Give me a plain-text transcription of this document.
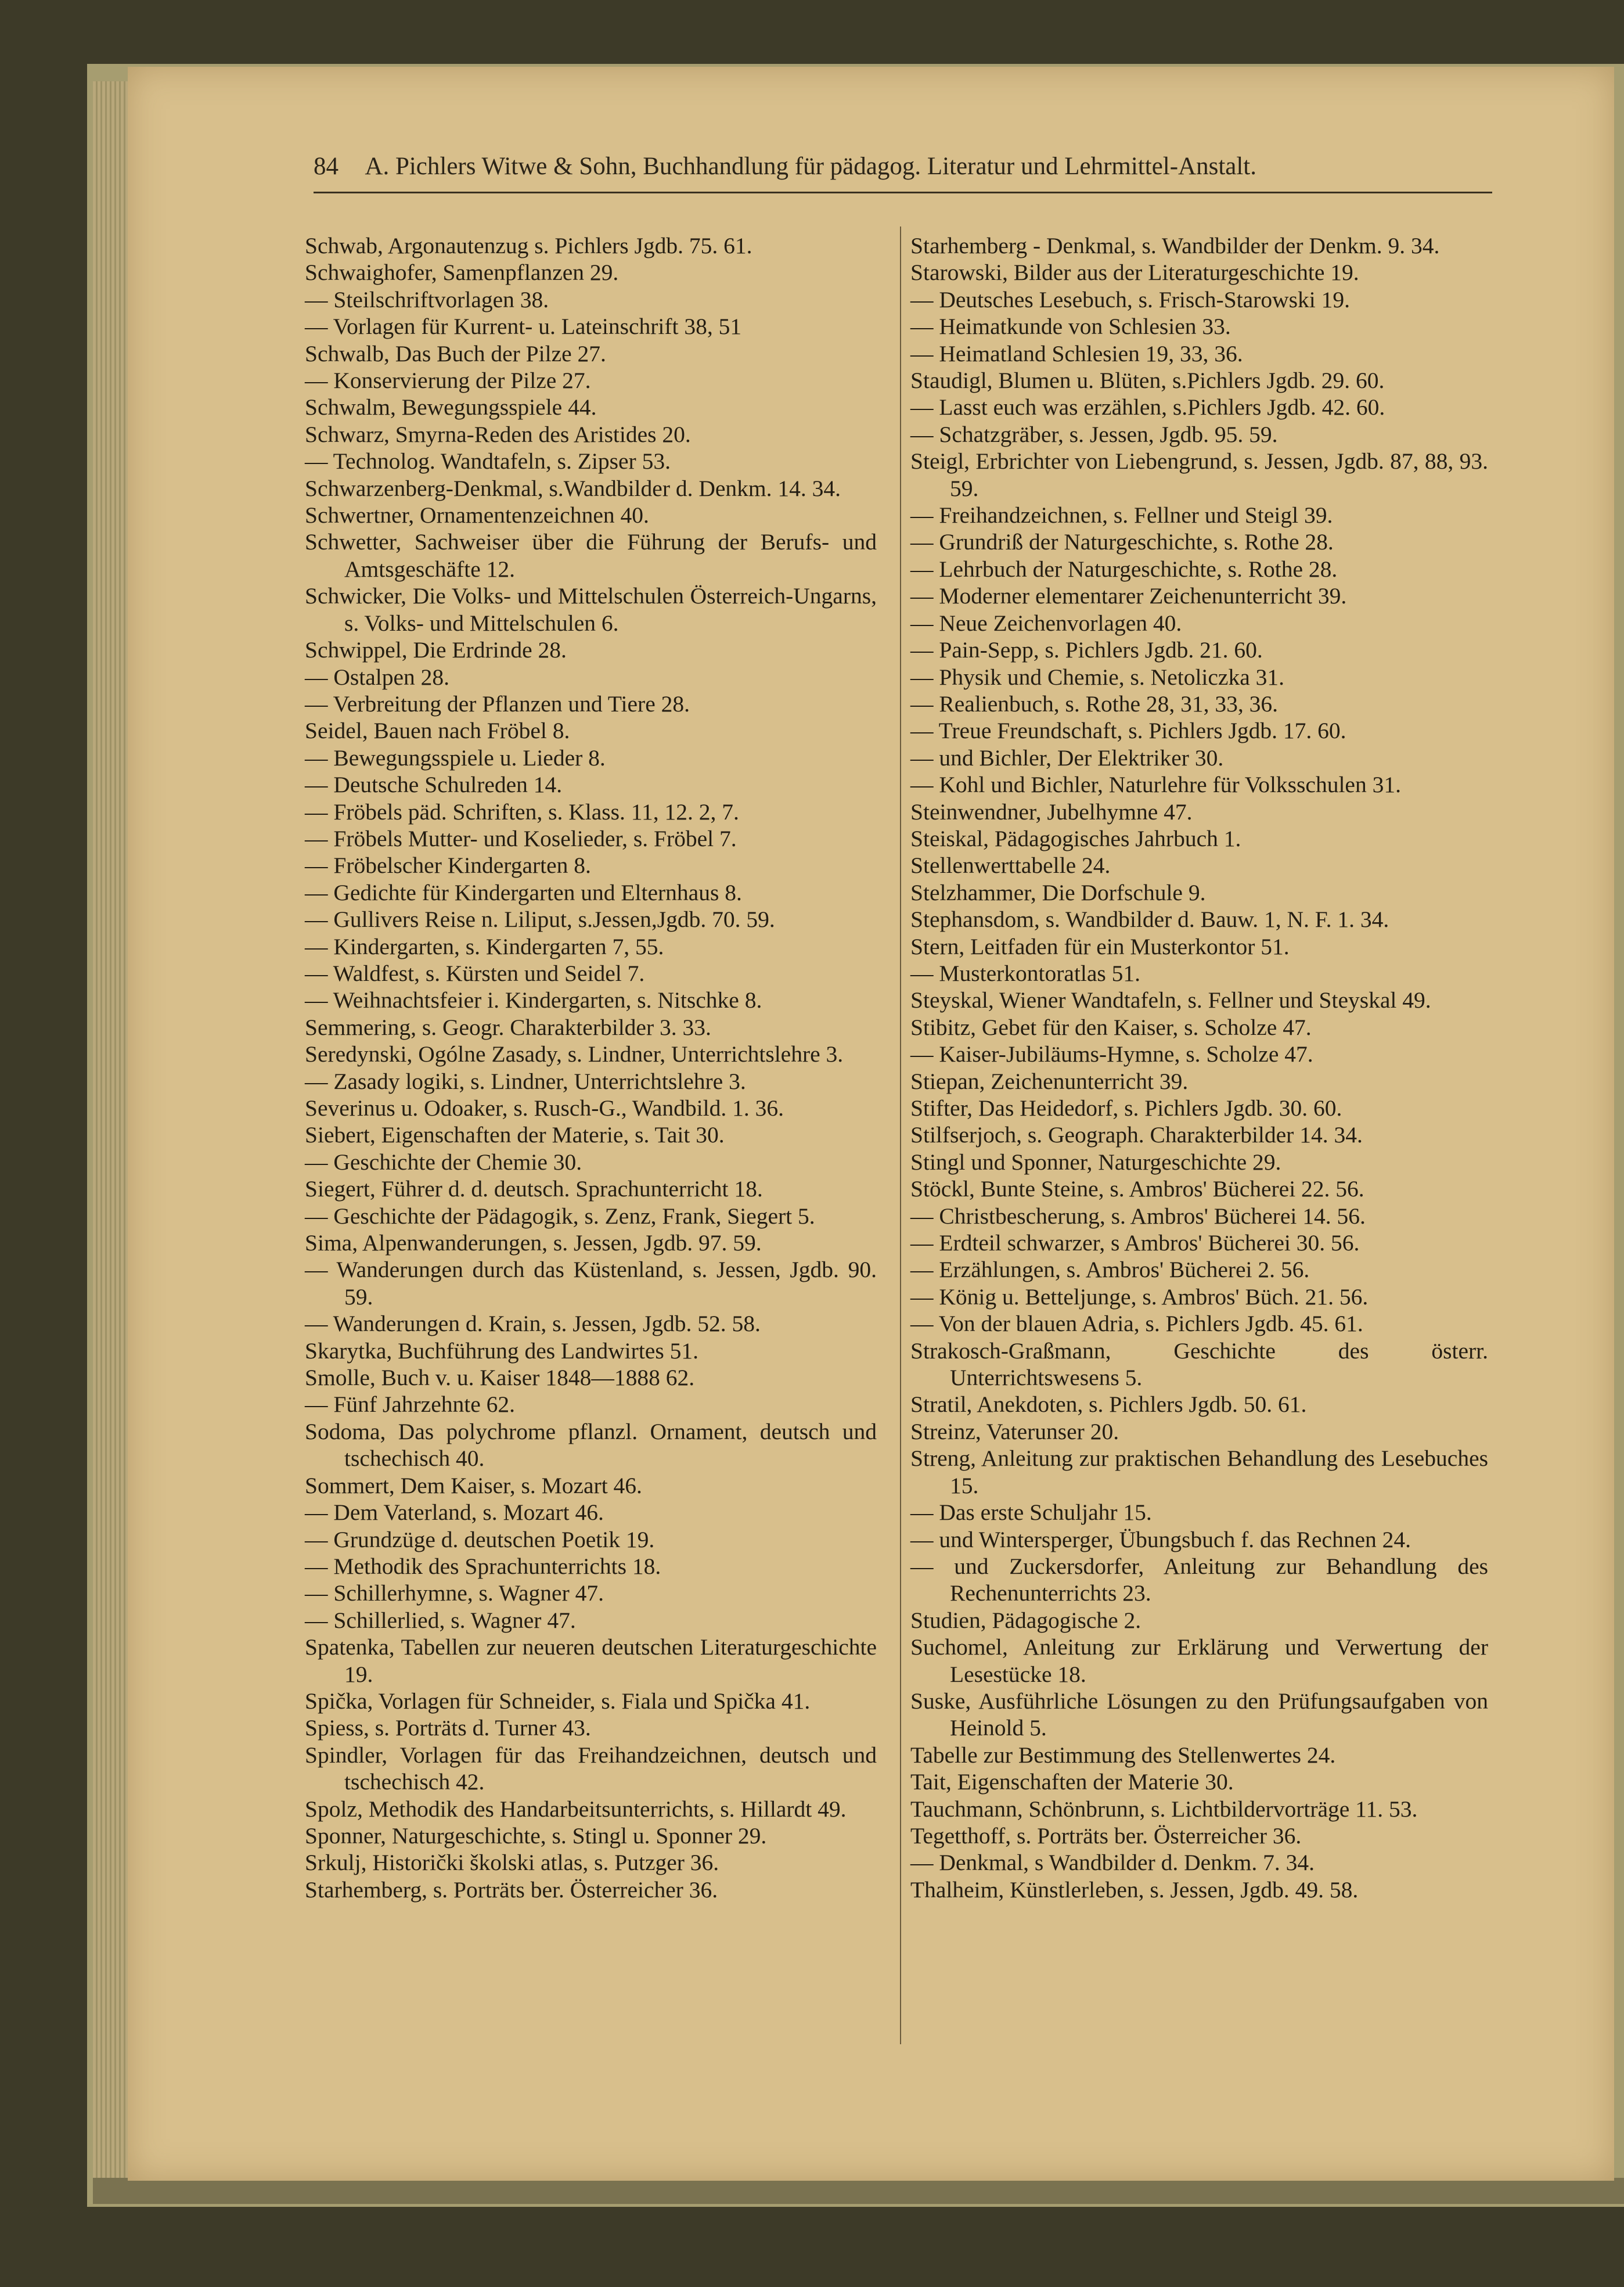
84 A. Pichlers Witwe & Sohn, Buchhandlung für pädagog. Literatur und Lehrmittel-Anstalt.
Schwab, Argonautenzug s. Pichlers Jgdb. 75. 61.
Schwaighofer, Samenpflanzen 29.
— Steilschriftvorlagen 38.
— Vorlagen für Kurrent- u. Lateinschrift 38, 51
Schwalb, Das Buch der Pilze 27.
— Konservierung der Pilze 27.
Schwalm, Bewegungsspiele 44.
Schwarz, Smyrna-Reden des Aristides 20.
— Technolog. Wandtafeln, s. Zipser 53.
Schwarzenberg-Denkmal, s.Wandbilder d. Denkm. 14. 34.
Schwertner, Ornamentenzeichnen 40.
Schwetter, Sachweiser über die Führung der Berufs- und Amtsgeschäfte 12.
Schwicker, Die Volks- und Mittelschulen Österreich-Ungarns, s. Volks- und Mittelschulen 6.
Schwippel, Die Erdrinde 28.
— Ostalpen 28.
— Verbreitung der Pflanzen und Tiere 28.
Seidel, Bauen nach Fröbel 8.
— Bewegungsspiele u. Lieder 8.
— Deutsche Schulreden 14.
— Fröbels päd. Schriften, s. Klass. 11, 12. 2, 7.
— Fröbels Mutter- und Koselieder, s. Fröbel 7.
— Fröbelscher Kindergarten 8.
— Gedichte für Kindergarten und Elternhaus 8.
— Gullivers Reise n. Liliput, s.Jessen,Jgdb. 70. 59.
— Kindergarten, s. Kindergarten 7, 55.
— Waldfest, s. Kürsten und Seidel 7.
— Weihnachtsfeier i. Kindergarten, s. Nitschke 8.
Semmering, s. Geogr. Charakterbilder 3. 33.
Seredynski, Ogólne Zasady, s. Lindner, Unterrichtslehre 3.
— Zasady logiki, s. Lindner, Unterrichtslehre 3.
Severinus u. Odoaker, s. Rusch-G., Wandbild. 1. 36.
Siebert, Eigenschaften der Materie, s. Tait 30.
— Geschichte der Chemie 30.
Siegert, Führer d. d. deutsch. Sprachunterricht 18.
— Geschichte der Pädagogik, s. Zenz, Frank, Siegert 5.
Sima, Alpenwanderungen, s. Jessen, Jgdb. 97. 59.
— Wanderungen durch das Küstenland, s. Jessen, Jgdb. 90. 59.
— Wanderungen d. Krain, s. Jessen, Jgdb. 52. 58.
Skarytka, Buchführung des Landwirtes 51.
Smolle, Buch v. u. Kaiser 1848—1888 62.
— Fünf Jahrzehnte 62.
Sodoma, Das polychrome pflanzl. Ornament, deutsch und tschechisch 40.
Sommert, Dem Kaiser, s. Mozart 46.
— Dem Vaterland, s. Mozart 46.
— Grundzüge d. deutschen Poetik 19.
— Methodik des Sprachunterrichts 18.
— Schillerhymne, s. Wagner 47.
— Schillerlied, s. Wagner 47.
Spatenka, Tabellen zur neueren deutschen Literaturgeschichte 19.
Spička, Vorlagen für Schneider, s. Fiala und Spička 41.
Spiess, s. Porträts d. Turner 43.
Spindler, Vorlagen für das Freihandzeichnen, deutsch und tschechisch 42.
Spolz, Methodik des Handarbeitsunterrichts, s. Hillardt 49.
Sponner, Naturgeschichte, s. Stingl u. Sponner 29.
Srkulj, Historički školski atlas, s. Putzger 36.
Starhemberg, s. Porträts ber. Österreicher 36.
Starhemberg - Denkmal, s. Wandbilder der Denkm. 9. 34.
Starowski, Bilder aus der Literaturgeschichte 19.
— Deutsches Lesebuch, s. Frisch-Starowski 19.
— Heimatkunde von Schlesien 33.
— Heimatland Schlesien 19, 33, 36.
Staudigl, Blumen u. Blüten, s.Pichlers Jgdb. 29. 60.
— Lasst euch was erzählen, s.Pichlers Jgdb. 42. 60.
— Schatzgräber, s. Jessen, Jgdb. 95. 59.
Steigl, Erbrichter von Liebengrund, s. Jessen, Jgdb. 87, 88, 93. 59.
— Freihandzeichnen, s. Fellner und Steigl 39.
— Grundriß der Naturgeschichte, s. Rothe 28.
— Lehrbuch der Naturgeschichte, s. Rothe 28.
— Moderner elementarer Zeichenunterricht 39.
— Neue Zeichenvorlagen 40.
— Pain-Sepp, s. Pichlers Jgdb. 21. 60.
— Physik und Chemie, s. Netoliczka 31.
— Realienbuch, s. Rothe 28, 31, 33, 36.
— Treue Freundschaft, s. Pichlers Jgdb. 17. 60.
— und Bichler, Der Elektriker 30.
— Kohl und Bichler, Naturlehre für Volksschulen 31.
Steinwendner, Jubelhymne 47.
Steiskal, Pädagogisches Jahrbuch 1.
Stellenwerttabelle 24.
Stelzhammer, Die Dorfschule 9.
Stephansdom, s. Wandbilder d. Bauw. 1, N. F. 1. 34.
Stern, Leitfaden für ein Musterkontor 51.
— Musterkontoratlas 51.
Steyskal, Wiener Wandtafeln, s. Fellner und Steyskal 49.
Stibitz, Gebet für den Kaiser, s. Scholze 47.
— Kaiser-Jubiläums-Hymne, s. Scholze 47.
Stiepan, Zeichenunterricht 39.
Stifter, Das Heidedorf, s. Pichlers Jgdb. 30. 60.
Stilfserjoch, s. Geograph. Charakterbilder 14. 34.
Stingl und Sponner, Naturgeschichte 29.
Stöckl, Bunte Steine, s. Ambros' Bücherei 22. 56.
— Christbescherung, s. Ambros' Bücherei 14. 56.
— Erdteil schwarzer, s Ambros' Bücherei 30. 56.
— Erzählungen, s. Ambros' Bücherei 2. 56.
— König u. Betteljunge, s. Ambros' Büch. 21. 56.
— Von der blauen Adria, s. Pichlers Jgdb. 45. 61.
Strakosch-Graßmann, Geschichte des österr. Unterrichtswesens 5.
Stratil, Anekdoten, s. Pichlers Jgdb. 50. 61.
Streinz, Vaterunser 20.
Streng, Anleitung zur praktischen Behandlung des Lesebuches 15.
— Das erste Schuljahr 15.
— und Wintersperger, Übungsbuch f. das Rechnen 24.
— und Zuckersdorfer, Anleitung zur Behandlung des Rechenunterrichts 23.
Studien, Pädagogische 2.
Suchomel, Anleitung zur Erklärung und Verwertung der Lesestücke 18.
Suske, Ausführliche Lösungen zu den Prüfungsaufgaben von Heinold 5.
Tabelle zur Bestimmung des Stellenwertes 24.
Tait, Eigenschaften der Materie 30.
Tauchmann, Schönbrunn, s. Lichtbildervorträge 11. 53.
Tegetthoff, s. Porträts ber. Österreicher 36.
— Denkmal, s Wandbilder d. Denkm. 7. 34.
Thalheim, Künstlerleben, s. Jessen, Jgdb. 49. 58.
